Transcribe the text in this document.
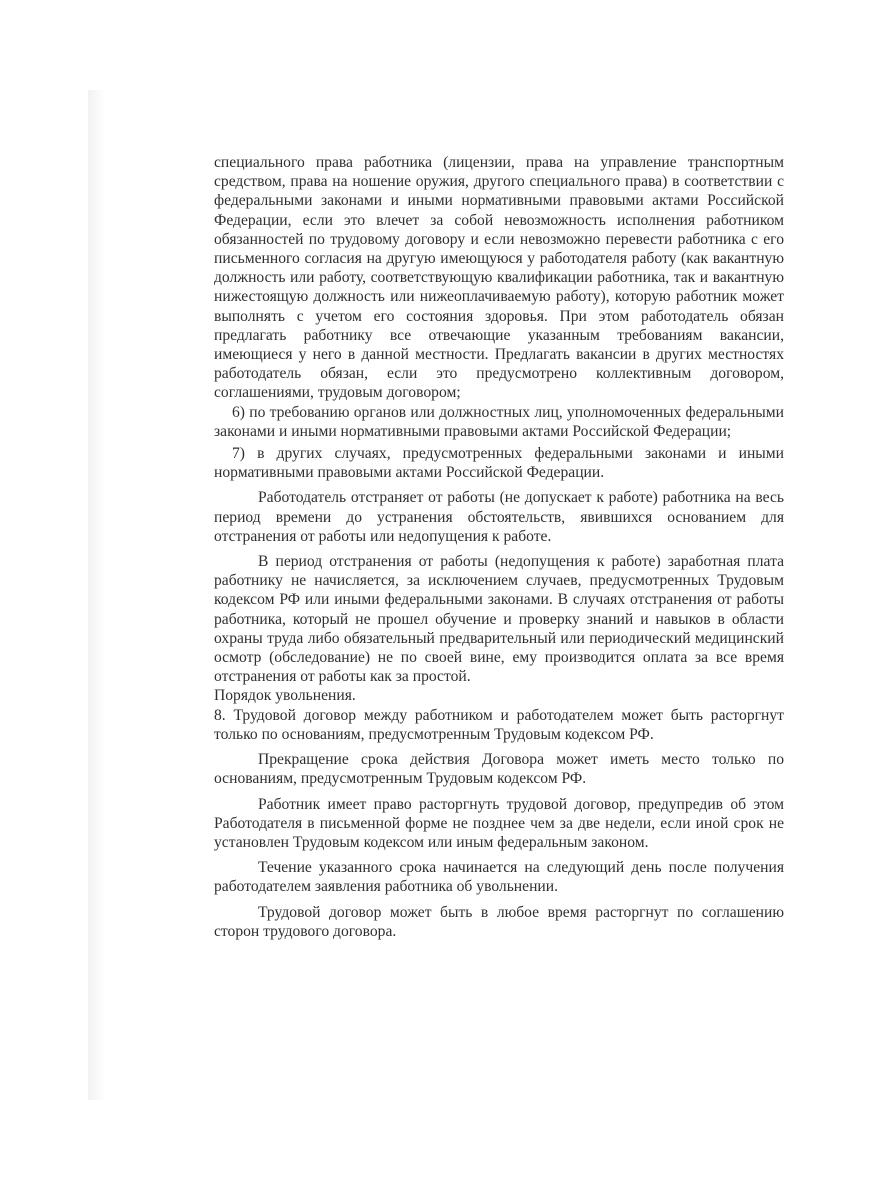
специального права работника (лицензии, права на управление транспортным средством, права на ношение оружия, другого специального права) в соответствии с федеральными законами и иными нормативными правовыми актами Российской Федерации, если это влечет за собой невозможность исполнения работником обязанностей по трудовому договору и если невозможно перевести работника с его письменного согласия на другую имеющуюся у работодателя работу (как вакантную должность или работу, соответствующую квалификации работника, так и вакантную нижестоящую должность или нижеоплачиваемую работу), которую работник может выполнять с учетом его состояния здоровья. При этом работодатель обязан предлагать работнику все отвечающие указанным требованиям вакансии, имеющиеся у него в данной местности. Предлагать вакансии в других местностях работодатель обязан, если это предусмотрено коллективным договором, соглашениями, трудовым договором;

6) по требованию органов или должностных лиц, уполномоченных федеральными законами и иными нормативными правовыми актами Российской Федерации;

7) в других случаях, предусмотренных федеральными законами и иными нормативными правовыми актами Российской Федерации.

Работодатель отстраняет от работы (не допускает к работе) работника на весь период времени до устранения обстоятельств, явившихся основанием для отстранения от работы или недопущения к работе.

В период отстранения от работы (недопущения к работе) заработная плата работнику не начисляется, за исключением случаев, предусмотренных Трудовым кодексом РФ или иными федеральными законами. В случаях отстранения от работы работника, который не прошел обучение и проверку знаний и навыков в области охраны труда либо обязательный предварительный или периодический медицинский осмотр (обследование) не по своей вине, ему производится оплата за все время отстранения от работы как за простой.

Порядок увольнения.

8. Трудовой договор между работником и работодателем может быть расторгнут только по основаниям, предусмотренным Трудовым кодексом РФ.

Прекращение срока действия Договора может иметь место только по основаниям, предусмотренным Трудовым кодексом РФ.

Работник имеет право расторгнуть трудовой договор, предупредив об этом Работодателя в письменной форме не позднее чем за две недели, если иной срок не установлен Трудовым кодексом или иным федеральным законом.

Течение указанного срока начинается на следующий день после получения работодателем заявления работника об увольнении.

Трудовой договор может быть в любое время расторгнут по соглашению сторон трудового договора.
